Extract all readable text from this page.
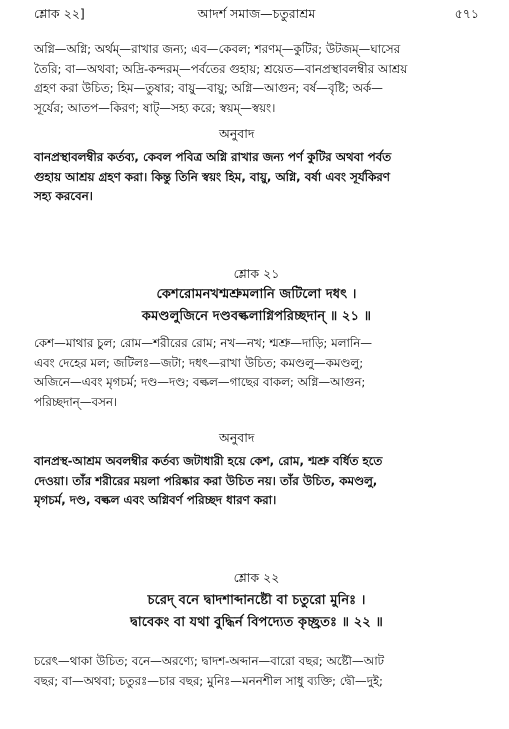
শ্লোক ২২]	আদর্শ সমাজ—চতুরাশ্রম	৫৭১

অগ্নি—অগ্নি; অর্থম্—রাখার জন্য; এব—কেবল; শরণম্—কুটির; উটজম্—ঘাসের

তৈরি; বা—অথবা; অদ্রি-কন্দরম্—পর্বতের গুহায়; শ্রয়েত—বানপ্রস্থাবলম্বীর আশ্রয়

গ্রহণ করা উচিত; হিম—তুষার; বায়ু—বায়ু; অগ্নি—আগুন; বর্ষ—বৃষ্টি; অর্ক—

সূর্যের; আতপ—কিরণ; ষাট্—সহ্য করে; স্বয়ম্—স্বয়ং।

অনুবাদ

বানপ্রস্থাবলম্বীর কর্তব্য, কেবল পবিত্র অগ্নি রাখার জন্য পর্ণ কুটির অথবা পর্বত

গুহায় আশ্রয় গ্রহণ করা। কিন্তু তিনি স্বয়ং হিম, বায়ু, অগ্নি, বর্ষা এবং সূর্যকিরণ

সহ্য করবেন।

শ্লোক ২১

কেশরোমনখশ্মশ্রুমলানি জটিলো দধৎ ।

কমণ্ডলুজিনে দণ্ডবল্কলাগ্নিপরিচ্ছদান্ ॥ ২১ ॥

কেশ—মাথার চুল; রোম—শরীরের রোম; নখ—নখ; শ্মশ্রু—দাড়ি; মলানি—

এবং দেহের মল; জটিলঃ—জটা; দধৎ—রাখা উচিত; কমণ্ডলু—কমণ্ডলু;

অজিনে—এবং মৃগচর্ম; দণ্ড—দণ্ড; বল্কল—গাছের বাকল; অগ্নি—আগুন;

পরিচ্ছদান্—বসন।

অনুবাদ

বানপ্রস্থ-আশ্রম অবলম্বীর কর্তব্য জটাধারী হয়ে কেশ, রোম, শ্মশ্রু বর্ধিত হতে

দেওয়া। তাঁর শরীরের ময়লা পরিষ্কার করা উচিত নয়। তাঁর উচিত, কমণ্ডলু,

মৃগচর্ম, দণ্ড, বল্কল এবং অগ্নিবর্ণ পরিচ্ছদ ধারণ করা।

শ্লোক ২২

চরেদ্ বনে দ্বাদশাব্দানষ্টৌ বা চতুরো মুনিঃ ।

দ্বাবেকং বা যথা বুদ্ধির্ন বিপদ্যেত কৃচ্ছ্রতঃ ॥ ২২ ॥

চরেৎ—থাকা উচিত; বনে—অরণ্যে; দ্বাদশ-অব্দান—বারো বছর; অষ্টৌ—আট

বছর; বা—অথবা; চতুরঃ—চার বছর; মুনিঃ—মননশীল সাধু ব্যক্তি; দ্বৌ—দুই;
